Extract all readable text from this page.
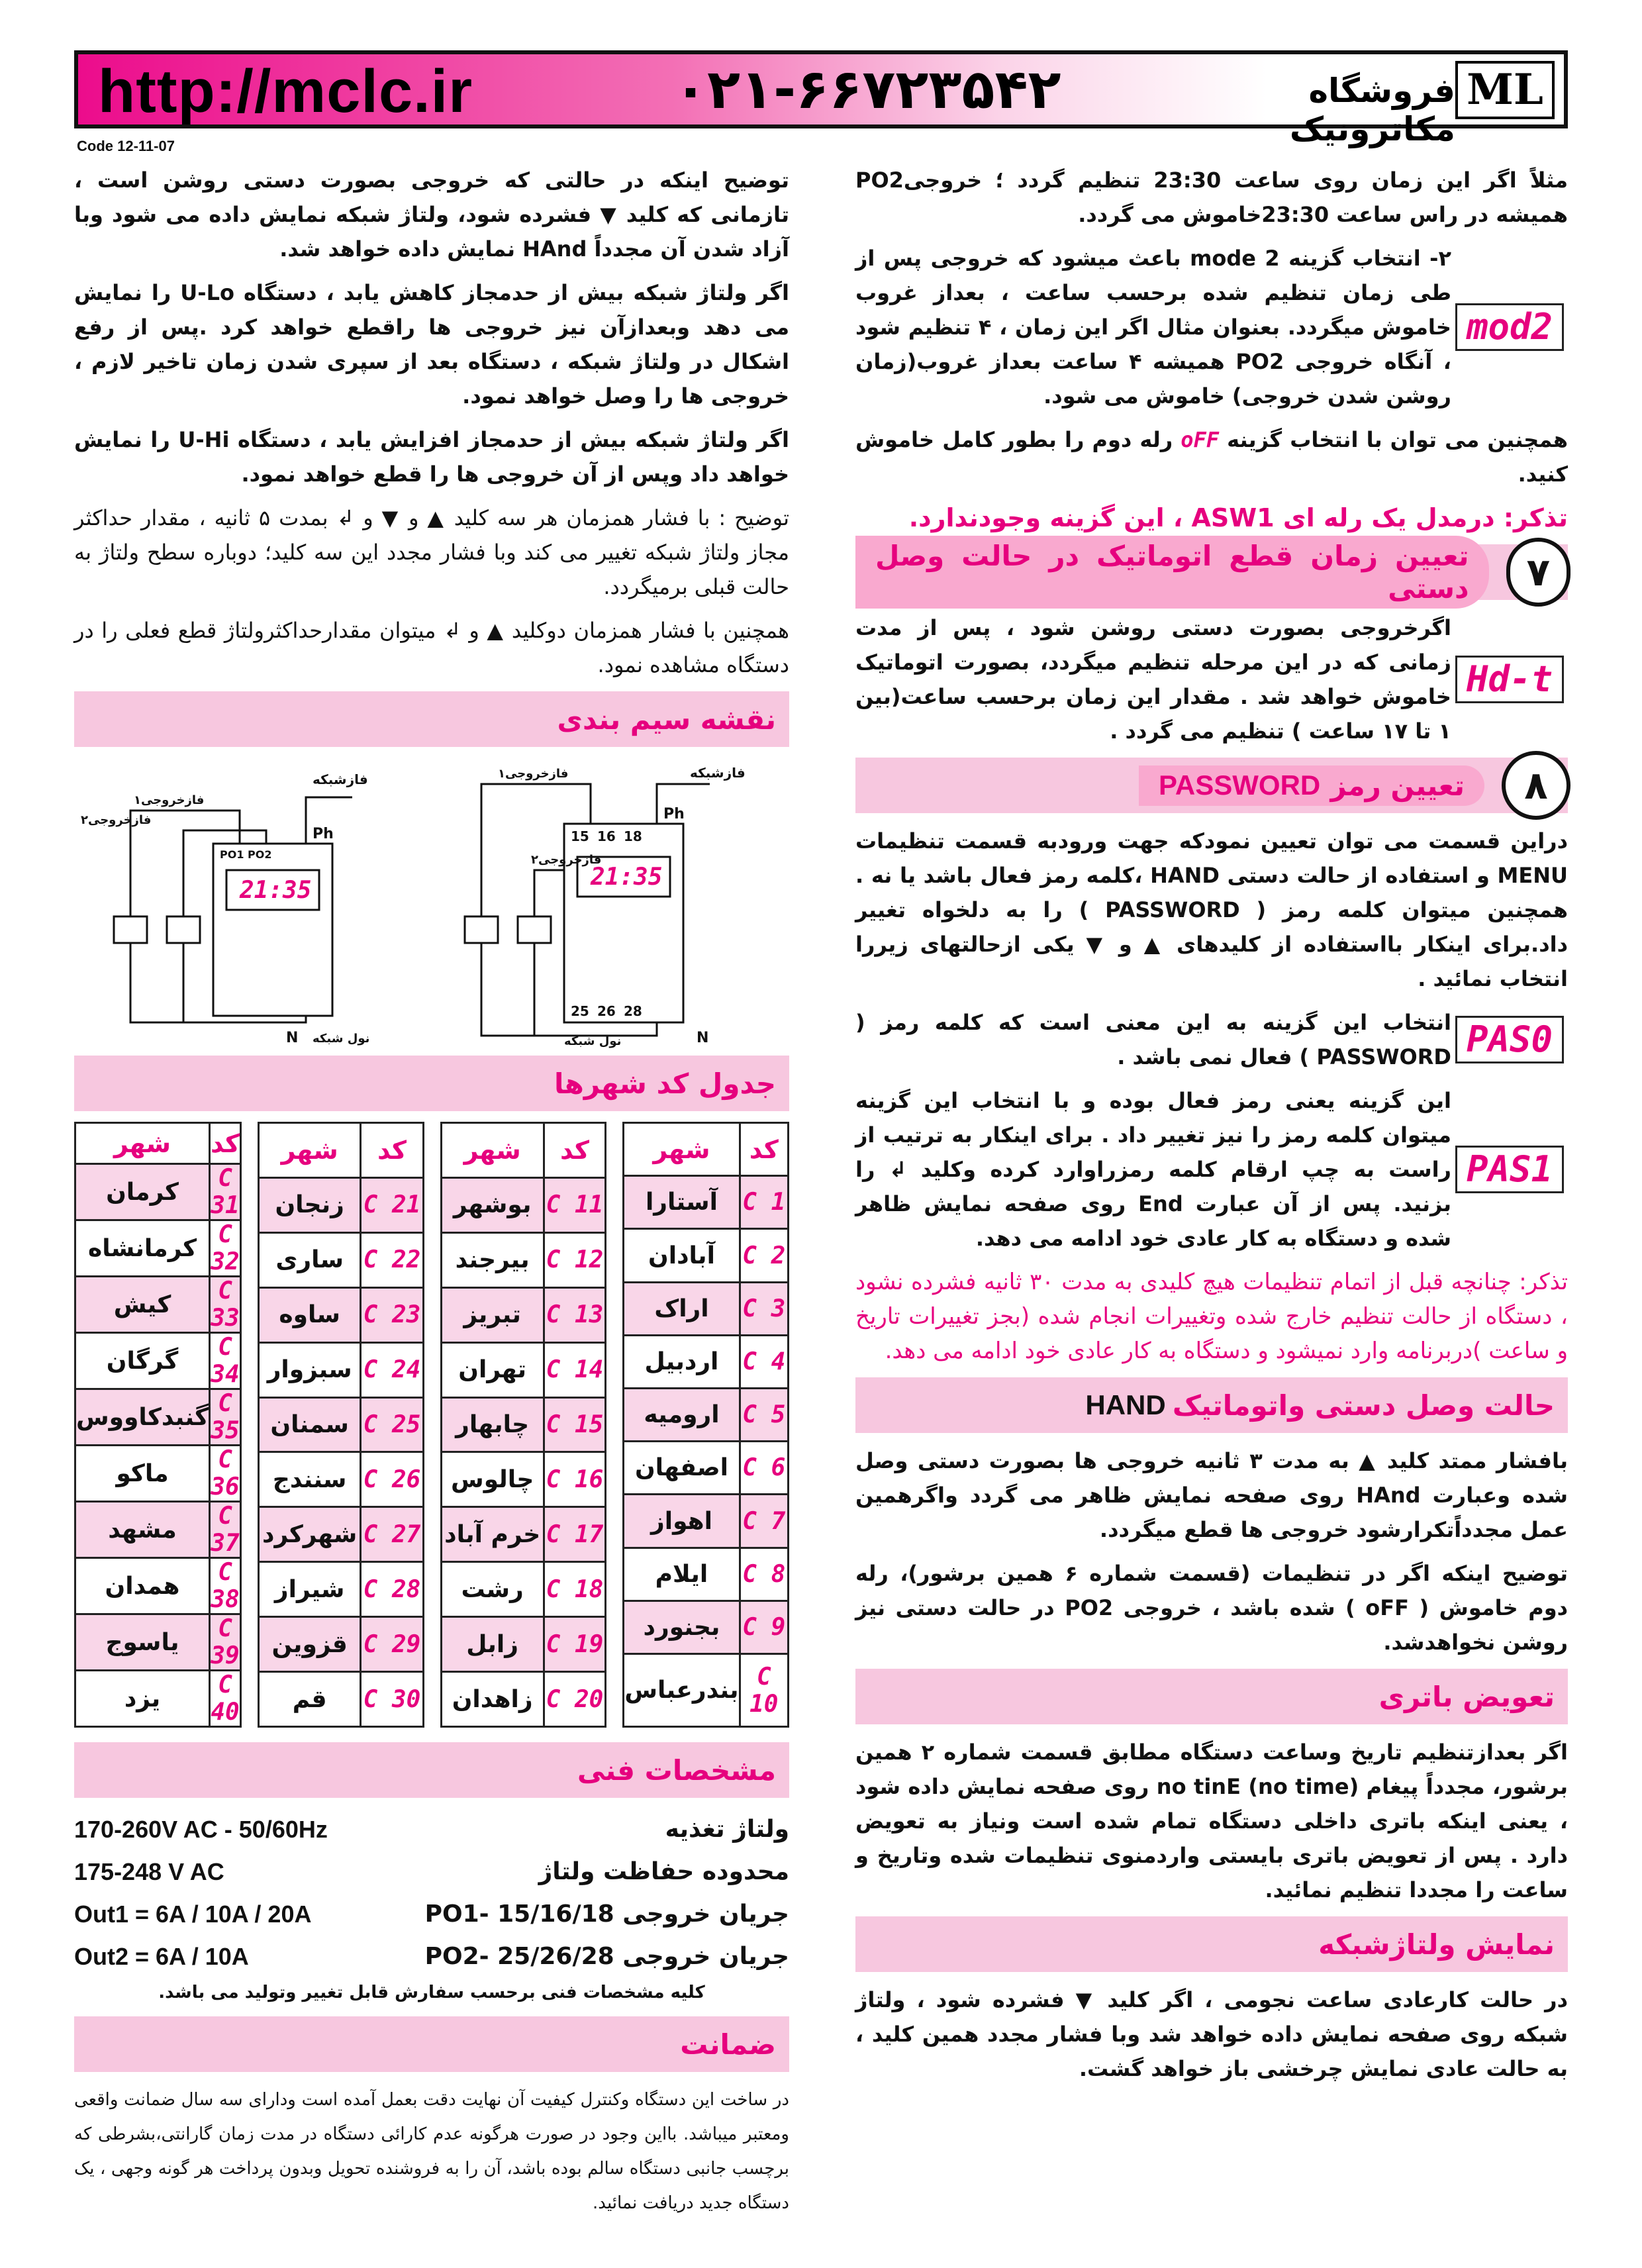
http://mclc.ir	۰۲۱-۶۶۷۲۳۵۴۲	فروشگاه مکاترونیک
ML
Code 12-11-07

مثلاً اگر این زمان روی ساعت 23:30 تنظیم گردد ؛ خروجیPO2 همیشه در راس ساعت 23:30خاموش می گردد.

mod2

۲- انتخاب گزینه mode 2 باعث میشود که خروجی پس از طی زمان تنظیم شده برحسب ساعت ، بعداز غروب خاموش میگردد. بعنوان مثال اگر این زمان ، ۴ تنظیم شود ، آنگاه خروجی PO2 همیشه ۴ ساعت بعداز غروب(زمان روشن شدن خروجی) خاموش می شود.

همچنین می توان با انتخاب گزینه oFF رله دوم را بطور کامل خاموش کنید.

تذکر: درمدل یک رله ای ASW1 ، این گزینه وجودندارد.

۷
تعیین زمان قطع اتوماتیک در حالت وصل دستی
Hd-t

اگرخروجی بصورت دستی روشن شود ، پس از مدت زمانی که در این مرحله تنظیم میگردد، بصورت اتوماتیک خاموش خواهد شد . مقدار این زمان برحسب ساعت(بین ۱ تا ۱۷ ساعت ) تنظیم می گردد .

۸
تعیین رمز

PASSWORD

دراین قسمت می توان تعیین نمودکه جهت ورودبه قسمت تنظیمات MENU و استفاده از حالت دستی HAND ،کلمه رمز فعال باشد یا نه . همچنین میتوان کلمه رمز ( PASSWORD ) را به دلخواه تغییر داد.برای اینکار بااستفاده از کلیدهای ▲ و ▼ یکی ازحالتهای زیررا انتخاب نمائید .

PAS0

انتخاب این گزینه به این معنی است که کلمه رمز ( PASSWORD ) فعال نمی باشد .

PAS1

این گزینه یعنی رمز فعال بوده و با انتخاب این گزینه میتوان کلمه رمز را نیز تغییر داد . برای اینکار به ترتیب از راست به چپ ارقام کلمه رمزراوارد کرده وکلید ↲ را بزنید. پس از آن عبارت End روی صفحه نمایش ظاهر شده و دستگاه به کار عادی خود ادامه می دهد.

تذکر: چنانچه قبل از اتمام تنظیمات هیچ کلیدی به مدت ۳۰ ثانیه فشرده نشود ، دستگاه از حالت تنظیم خارج شده وتغییرات انجام شده (بجز تغییرات تاریخ و ساعت )دربرنامه وارد نمیشود و دستگاه به کار عادی خود ادامه می دهد.

حالت وصل دستی واتوماتیک

HAND

بافشار ممتد کلید ▲ به مدت ۳ ثانیه خروجی ها بصورت دستی وصل شده وعبارت HAnd روی صفحه نمایش ظاهر می گردد واگرهمین عمل مجدداًتکرارشود خروجی ها قطع میگردد.

توضیح اینکه اگر در تنظیمات (قسمت شماره ۶ همین برشور)، رله دوم خاموش ( oFF ) شده باشد ، خروجی PO2 در حالت دستی نیز روشن نخواهدشد.

تعویض باتری

اگر بعدازتنظیم تاریخ وساعت دستگاه مطابق قسمت شماره ۲ همین برشور، مجدداً پیغام (no time) no tinE روی صفحه نمایش داده شود ، یعنی اینکه باتری داخلی دستگاه تمام شده است ونیاز به تعویض دارد . پس از تعویض باتری بایستی واردمنوی تنظیمات شده وتاریخ و ساعت را مجددا تنظیم نمائید.

نمایش ولتاژشبکه

در حالت کارعادی ساعت نجومی ، اگر کلید ▼ فشرده شود ، ولتاژ شبکه روی صفحه نمایش داده خواهد شد وبا فشار مجدد همین کلید ، به حالت عادی نمایش چرخشی باز خواهد گشت.

توضیح اینکه در حالتی که خروجی بصورت دستی روشن است ، تازمانی که کلید ▼ فشرده شود، ولتاژ شبکه نمایش داده می شود وبا آزاد شدن آن مجدداً HAnd نمایش داده خواهد شد.

اگر ولتاژ شبکه بیش از حدمجاز کاهش یابد ، دستگاه U-Lo را نمایش می دهد وبعدازآن نیز خروجی ها راقطع خواهد کرد .پس از رفع اشکال در ولتاژ شبکه ، دستگاه بعد از سپری شدن زمان تاخیر لازم ، خروجی ها را وصل خواهد نمود.

اگر ولتاژ شبکه بیش از حدمجاز افزایش یابد ، دستگاه U-Hi را نمایش خواهد داد وپس از آن خروجی ها را قطع خواهد نمود.

توضیح : با فشار همزمان هر سه کلید ▲ و ▼ و ↲ بمدت ۵ ثانیه ، مقدار حداکثر مجاز ولتاژ شبکه تغییر می کند وبا فشار مجدد این سه کلید؛ دوباره سطح ولتاژ به حالت قبلی برمیگردد.

همچنین با فشار همزمان دوکلید ▲ و ↲ میتوان مقدارحداکثرولتاژ قطع فعلی را در دستگاه مشاهده نمود.

نقشه سیم بندی
21:35	21:35
Ph
PO1 PO2
فازشبکه
فازخروجی۱
فازخروجی۲
N نول شبکه
Ph
15 16 18
25 26 28
فازشبکه
فازخروجی۱
فازخروجی۲
N
نول شبکه
جدول کد شهرها
کد	شهر
C 1	آستارا
C 2	آبادان
C 3	اراک
C 4	اردبیل
C 5	ارومیه
C 6	اصفهان
C 7	اهواز
C 8	ایلام
C 9	بجنورد
C 10	بندرعباس
کد	شهر
C 11	بوشهر
C 12	بیرجند
C 13	تبریز
C 14	تهران
C 15	چابهار
C 16	چالوس
C 17	خرم آباد
C 18	رشت
C 19	زابل
C 20	زاهدان
کد	شهر
C 21	زنجان
C 22	ساری
C 23	ساوه
C 24	سبزوار
C 25	سمنان
C 26	سنندج
C 27	شهرکرد
C 28	شیراز
C 29	قزوین
C 30	قم
کد	شهر
C 31	کرمان
C 32	کرمانشاه
C 33	کیش
C 34	گرگان
C 35	گنبدکاووس
C 36	ماکو
C 37	مشهد
C 38	همدان
C 39	یاسوج
C 40	یزد
مشخصات فنی
ولتاژ تغذیه
170-260V AC - 50/60Hz
محدوده حفاظت ولتاژ
175-248 V AC
جریان خروجی PO1- 15/16/18
Out1 = 6A / 10A / 20A
جریان خروجی PO2- 25/26/28
Out2 = 6A / 10A

کلیه مشخصات فنی برحسب سفارش قابل تغییر وتولید می باشد.

ضمانت

در ساخت این دستگاه وکنترل کیفیت آن نهایت دقت بعمل آمده است ودارای سه سال ضمانت واقعی ومعتبر میباشد. بااین وجود در صورت هرگونه عدم کارائی دستگاه در مدت زمان گارانتی،بشرطی که برچسب جانبی دستگاه سالم بوده باشد، آن را به فروشنده تحویل وبدون پرداخت هر گونه وجهی ، یک دستگاه جدید دریافت نمائید.
